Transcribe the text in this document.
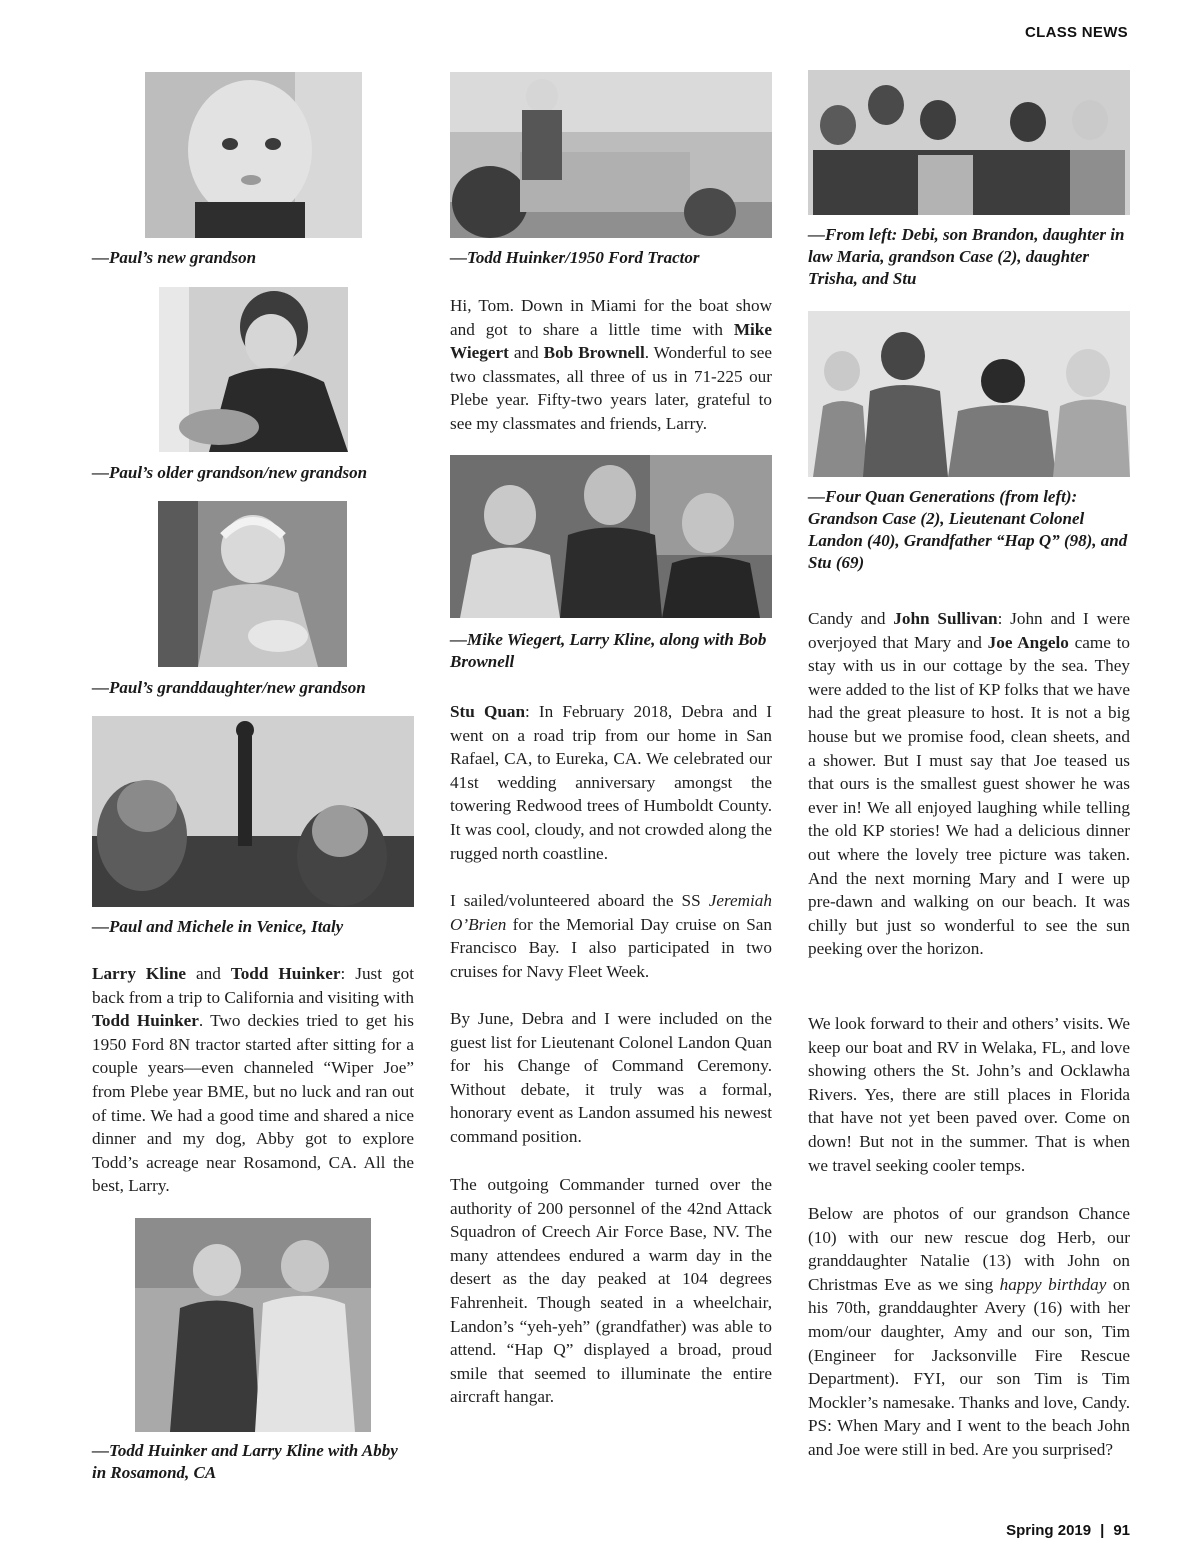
CLASS NEWS
Spring 2019 | 91
—Paul’s new grandson
—Paul’s older grandson/new grandson
—Paul’s granddaughter/new grandson
—Paul and Michele in Venice, Italy

Larry Kline and Todd Huinker: Just got back from a trip to California and visiting with Todd Huinker. Two deckies tried to get his 1950 Ford 8N tractor started after sitting for a couple years—even channeled “Wiper Joe” from Plebe year BME, but no luck and ran out of time. We had a good time and shared a nice dinner and my dog, Abby got to explore Todd’s acreage near Rosamond, CA. All the best, Larry.

—Todd Huinker and Larry Kline with Abby in Rosamond, CA
—Todd Huinker/1950 Ford Tractor

Hi, Tom. Down in Miami for the boat show and got to share a little time with Mike Wiegert and Bob Brownell. Wonderful to see two classmates, all three of us in 71-225 our Plebe year. Fifty-two years later, grateful to see my classmates and friends, Larry.

—Mike Wiegert, Larry Kline, along with Bob Brownell

Stu Quan: In February 2018, Debra and I went on a road trip from our home in San Rafael, CA, to Eureka, CA. We celebrated our 41st wedding anniversary amongst the towering Redwood trees of Humboldt County. It was cool, cloudy, and not crowded along the rugged north coastline.

I sailed/volunteered aboard the SS Jeremiah O’Brien for the Memorial Day cruise on San Francisco Bay. I also participated in two cruises for Navy Fleet Week.

By June, Debra and I were included on the guest list for Lieutenant Colonel Landon Quan for his Change of Command Ceremony. Without debate, it truly was a formal, honorary event as Landon assumed his newest command position.
The outgoing Commander turned over the authority of 200 personnel of the 42nd Attack Squadron of Creech Air Force Base, NV. The many attendees endured a warm day in the desert as the day peaked at 104 degrees Fahrenheit. Though seated in a wheelchair, Landon’s “yeh-yeh” (grandfather) was able to attend. “Hap Q” displayed a broad, proud smile that seemed to illuminate the entire aircraft hangar.
—From left: Debi, son Brandon, daughter in law Maria, grandson Case (2), daughter Trisha, and Stu
—Four Quan Generations (from left): Grandson Case (2), Lieutenant Colonel Landon (40), Grandfather “Hap Q” (98), and Stu (69)

Candy and John Sullivan: John and I were overjoyed that Mary and Joe Angelo came to stay with us in our cottage by the sea. They were added to the list of KP folks that we have had the great pleasure to host. It is not a big house but we promise food, clean sheets, and a shower. But I must say that Joe teased us that ours is the smallest guest shower he was ever in! We all enjoyed laughing while telling the old KP stories! We had a delicious dinner out where the lovely tree picture was taken. And the next morning Mary and I were up pre-dawn and walking on our beach. It was chilly but just so wonderful to see the sun peeking over the horizon.

We look forward to their and others’ visits. We keep our boat and RV in Welaka, FL, and love showing others the St. John’s and Ocklawha Rivers. Yes, there are still places in Florida that have not yet been paved over. Come on down! But not in the summer. That is when we travel seeking cooler temps.

Below are photos of our grandson Chance (10) with our new rescue dog Herb, our granddaughter Natalie (13) with John on Christmas Eve as we sing happy birthday on his 70th, granddaughter Avery (16) with her mom/our daughter, Amy and our son, Tim (Engineer for Jacksonville Fire Rescue Department). FYI, our son Tim is Tim Mockler’s namesake. Thanks and love, Candy. PS: When Mary and I went to the beach John and Joe were still in bed. Are you surprised?
